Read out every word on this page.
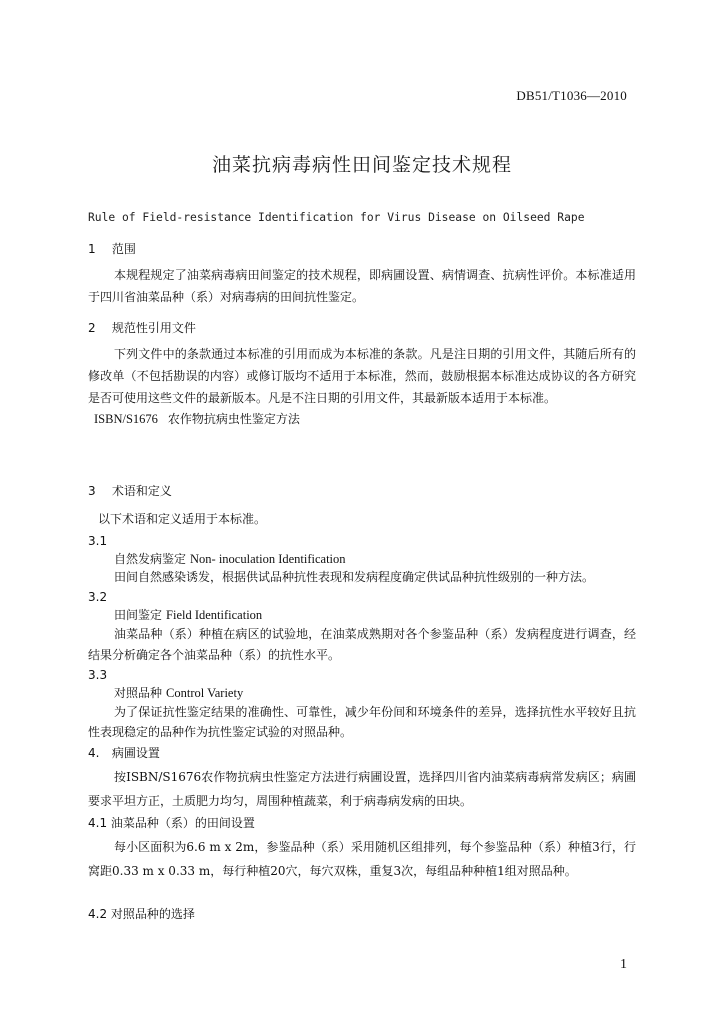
DB51/T1036—2010
油菜抗病毒病性田间鉴定技术规程
Rule of Field-resistance Identification for Virus Disease on Oilseed Rape
1 范围
本规程规定了油菜病毒病田间鉴定的技术规程，即病圃设置、病情调查、抗病性评价。本标准适用于四川省油菜品种（系）对病毒病的田间抗性鉴定。
2 规范性引用文件
下列文件中的条款通过本标准的引用而成为本标准的条款。凡是注日期的引用文件，其随后所有的修改单（不包括勘误的内容）或修订版均不适用于本标准，然而，鼓励根据本标准达成协议的各方研究是否可使用这些文件的最新版本。凡是不注日期的引用文件，其最新版本适用于本标准。
ISBN/S1676 农作物抗病虫性鉴定方法
3 术语和定义
以下术语和定义适用于本标准。
3.1
自然发病鉴定 Non- inoculation Identification
田间自然感染诱发，根据供试品种抗性表现和发病程度确定供试品种抗性级别的一种方法。
3.2
田间鉴定 Field Identification
油菜品种（系）种植在病区的试验地，在油菜成熟期对各个参鉴品种（系）发病程度进行调查，经结果分析确定各个油菜品种（系）的抗性水平。
3.3
对照品种 Control Variety
为了保证抗性鉴定结果的准确性、可靠性，减少年份间和环境条件的差异，选择抗性水平较好且抗性表现稳定的品种作为抗性鉴定试验的对照品种。
4. 病圃设置
按ISBN/S1676农作物抗病虫性鉴定方法进行病圃设置，选择四川省内油菜病毒病常发病区；病圃要求平坦方正，土质肥力均匀，周围种植蔬菜，利于病毒病发病的田块。
4.1 油菜品种（系）的田间设置
每小区面积为6.6 m x 2m，参鉴品种（系）采用随机区组排列，每个参鉴品种（系）种植3行，行窝距0.33 m x 0.33 m，每行种植20穴，每穴双株，重复3次，每组品种种植1组对照品种。
4.2 对照品种的选择
1
